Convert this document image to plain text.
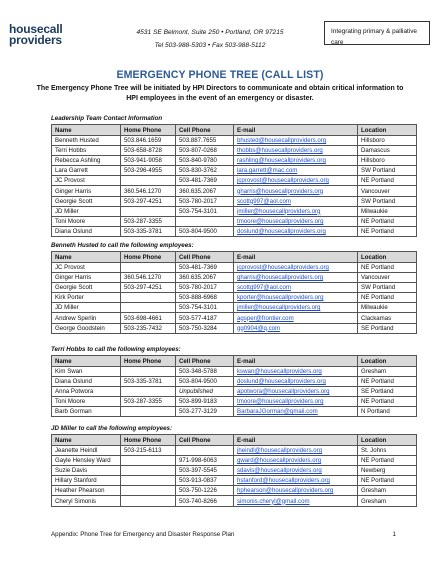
housecall
providers
4531 SE Belmont, Suite 250 • Portland, OR 97215
Tel 503-988-5303 • Fax 503-988-5112
Integrating primary & palliative care
EMERGENCY PHONE TREE (CALL LIST)
The Emergency Phone Tree will be initiated by HPI Directors to communicate and obtain critical information to HPI employees in the event of an emergency or disaster.
Leadership Team Contact Information
Name	Home Phone	Cell Phone	E-mail	Location
Benneth Husted	503.846.1659	503.887.7655	bhusted@housecallproviders.org	Hillsboro
Terri Hobbs	503-658-8728	503-807-0268	thobbs@housecallproviders.org	Damascus
Rebecca Ashling	503-941-9058	503-840-9780	rashling@housecallproviders.org	Hillsboro
Lara Garrett	503-296-4955	503-830-3762	lara.garrett@mac.com	SW Portland
JC Provost		503-481-7369	jcprovost@housecallproviders.org	NE Portland
Ginger Harris	360.546.1270	360.635.2067	gharris@housecallproviders.org	Vancouver
Georgie Scott	503-297-4251	503-780-2017	scottg997@aol.com	SW Portland
JD Miller		503-754-3101	jmiller@housecallproviders.org	Milwaukie
Toni Moore	503-287-3355		tmoore@housecallproviders.org	NE Portland
Diana Oslund	503-335-3781	503-804-9500	doslund@housecallproviders.org	NE Portland
Benneth Husted to call the following employees:
Name	Home Phone	Cell Phone	E-mail	Location
JC Provost		503-481-7369	jcprovost@housecallproviders.org	NE Portland
Ginger Harris	360.546.1270	360.635.2067	gharris@housecallproviders.org	Vancouver
Georgie Scott	503-297-4251	503-780-2017	scottg997@aol.com	SW Portland
Kirk Porter		503-888-6968	kporter@housecallproviders.org	NE Portland
JD Miller		503-754-3101	jmiller@housecallproviders.org	Milwaukie
Andrew Sperlin	503-698-4661	503-577-4187	agsper@frontier.com	Clackamas
George Goodstein	503-235-7432	503-750-3284	gg0904@q.com	SE Portland
Terri Hobbs to call the following employees:
Name	Home Phone	Cell Phone	E-mail	Location
Kim Swan		503-348-5788	kswan@housecallproviders.org	Gresham
Diana Oslund	503-335-3781	503-804-9500	doslund@housecallproviders.org	NE Portland
Anna Potwora		Unpublished	apotwora@housecallproviders.org	SE Portland
Toni Moore	503-287-3355	503-899-9183	tmoore@housecallproviders.org	NE Portland
Barb Gorman		503-277-3129	BarbaraJGorman@gmail.com	N Portland
JD Miller to call the following employees:
Name	Home Phone	Cell Phone	E-mail	Location
Jeanette Heindl	503-215-6113		jheindl@housecallproviders.org	St. Johns
Gayle Hensley Ward		971-998-6063	gward@housecallproviders.org	NE Portland
Suzie Davis		503-397-5545	sdavis@housecallproviders.org	Newberg
Hillary Stanford		503-913-0837	hstanford@housecallproviders.org	NE Portland
Heather Phearson		503-750-1226	hphearson@housecallproviders.org	Gresham
Cheryl Simonis		503-740-8266	simonis.cheryl@gmail.com	Gresham
Appendix: Phone Tree for Emergency and Disaster Response Plan	1
